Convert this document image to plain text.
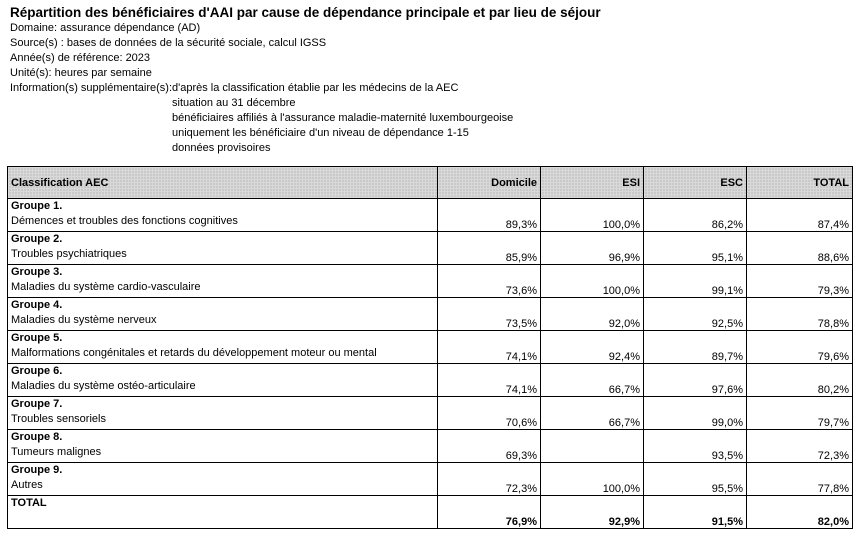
Répartition des bénéficiaires d'AAI par cause de dépendance principale et par lieu de séjour
Domaine: assurance dépendance (AD)
Source(s) : bases de données de la sécurité sociale, calcul IGSS
Année(s) de référence: 2023
Unité(s): heures par semaine
Information(s) supplémentaire(s): d'après la classification établie par les médecins de la AEC
situation au 31 décembre
bénéficiaires affiliés à l'assurance maladie-maternité luxembourgeoise
uniquement les bénéficiaire d'un niveau de dépendance 1-15
données provisoires
Classification AEC	Domicile	ESI	ESC	TOTAL

Groupe 1.
Démences et troubles des fonctions cognitives	89,3%	100,0%	86,2%	87,4%

Groupe 2.
Troubles psychiatriques	85,9%	96,9%	95,1%	88,6%

Groupe 3.
Maladies du système cardio-vasculaire	73,6%	100,0%	99,1%	79,3%

Groupe 4.
Maladies du système nerveux	73,5%	92,0%	92,5%	78,8%

Groupe 5.
Malformations congénitales et retards du développement moteur ou mental	74,1%	92,4%	89,7%	79,6%

Groupe 6.
Maladies du système ostéo-articulaire	74,1%	66,7%	97,6%	80,2%

Groupe 7.
Troubles sensoriels	70,6%	66,7%	99,0%	79,7%

Groupe 8.
Tumeurs malignes	69,3%		93,5%	72,3%

Groupe 9.
Autres	72,3%	100,0%	95,5%	77,8%
TOTAL	76,9%	92,9%	91,5%	82,0%
